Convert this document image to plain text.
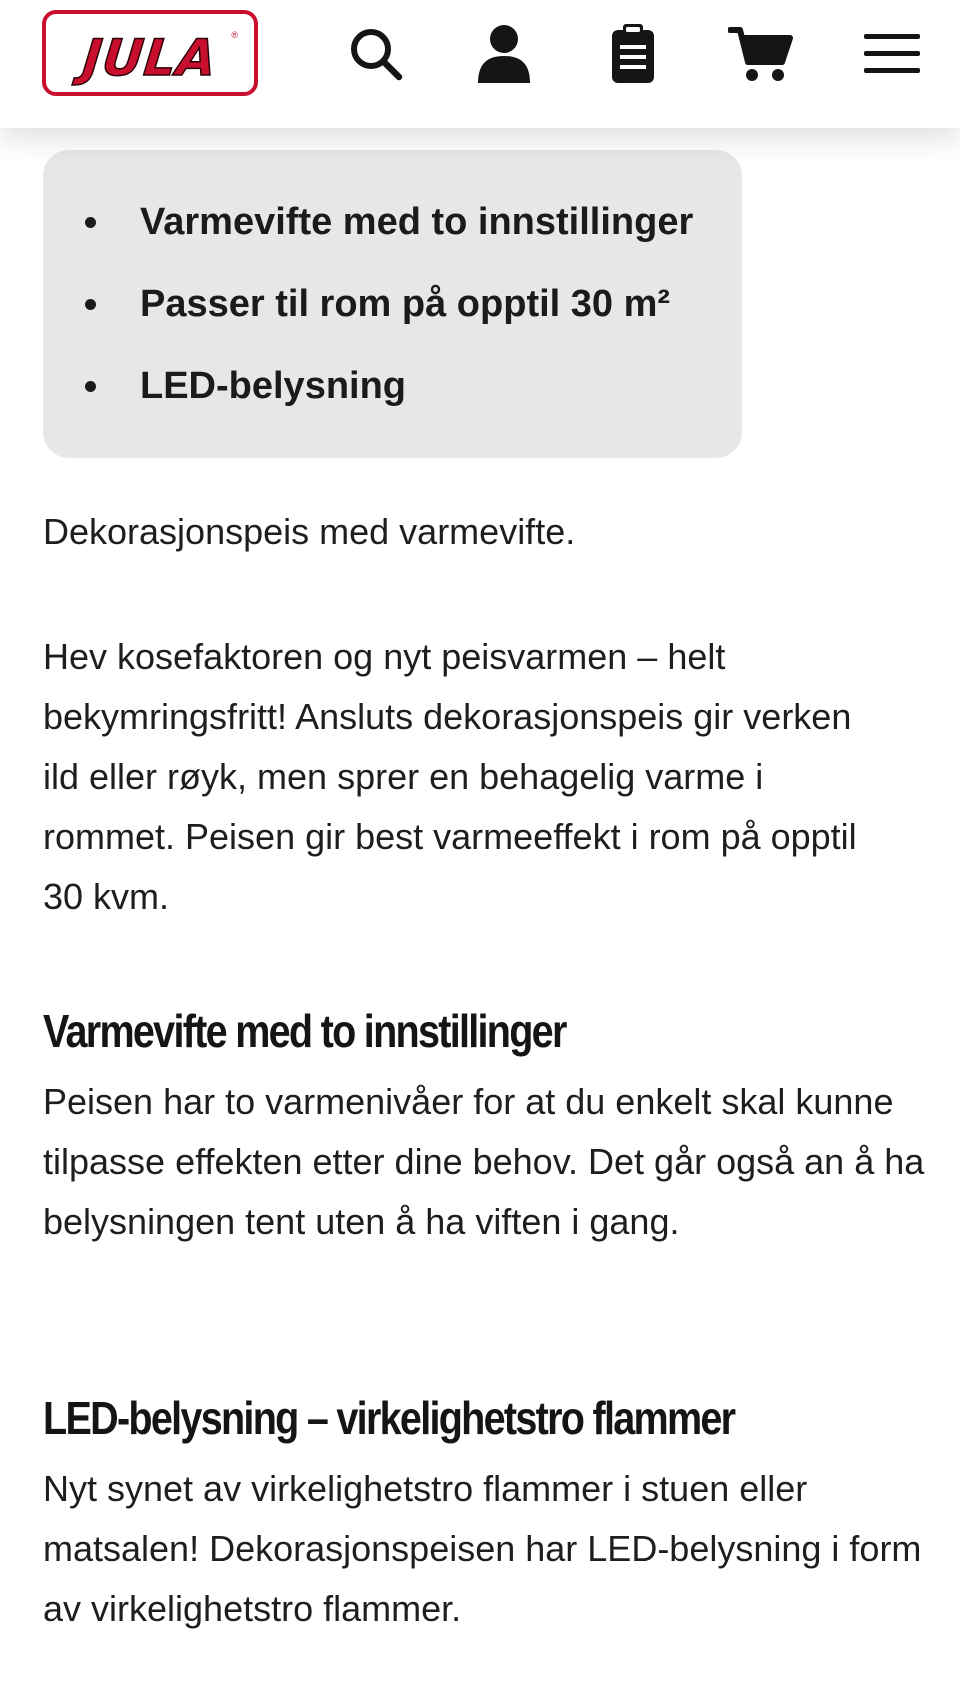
Varmevifte med to innstillinger
Passer til rom på opptil 30 m²
LED-belysning

Dekorasjonspeis med varmevifte.

Hev kosefaktoren og nyt peisvarmen – helt bekymringsfritt! Ansluts dekorasjonspeis gir verken ild eller røyk, men sprer en behagelig varme i rommet. Peisen gir best varmeeffekt i rom på opptil 30 kvm.

Varmevifte med to innstillinger

Peisen har to varmenivåer for at du enkelt skal kunne tilpasse effekten etter dine behov. Det går også an å ha belysningen tent uten å ha viften i gang.

LED-belysning – virkelighetstro flammer

Nyt synet av virkelighetstro flammer i stuen eller matsalen! Dekorasjonspeisen har LED-belysning i form av virkelighetstro flammer.

JULA	®
